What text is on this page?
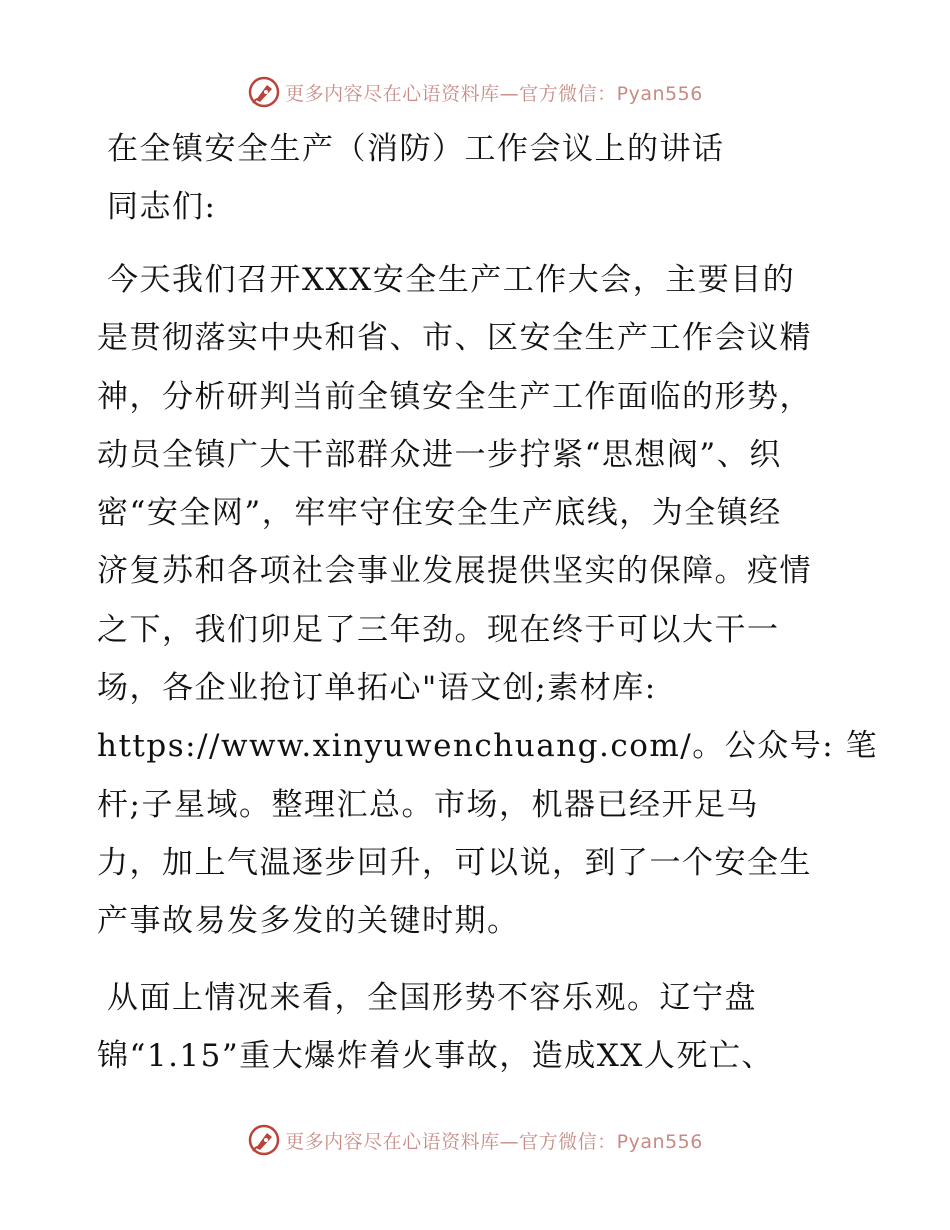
更多内容尽在心语资料库—官方微信：Pyan556
在全镇安全生产（消防）工作会议上的讲话

同志们:

今天我们召开XXX安全生产工作大会，主要目的
是贯彻落实中央和省、市、区安全生产工作会议精
神，分析研判当前全镇安全生产工作面临的形势，
动员全镇广大干部群众进一步拧紧“思想阀”、织
密“安全网”，牢牢守住安全生产底线，为全镇经
济复苏和各项社会事业发展提供坚实的保障。疫情
之下，我们卯足了三年劲。现在终于可以大干一
场，各企业抢订单拓心"语文创;素材库:
https://www.xinyuwenchuang.com/。公众号: 笔
杆;子星域。整理汇总。市场，机器已经开足马
力，加上气温逐步回升，可以说，到了一个安全生
产事故易发多发的关键时期。

从面上情况来看，全国形势不容乐观。辽宁盘
锦“1.15”重大爆炸着火事故，造成XX人死亡、

更多内容尽在心语资料库—官方微信：Pyan556
